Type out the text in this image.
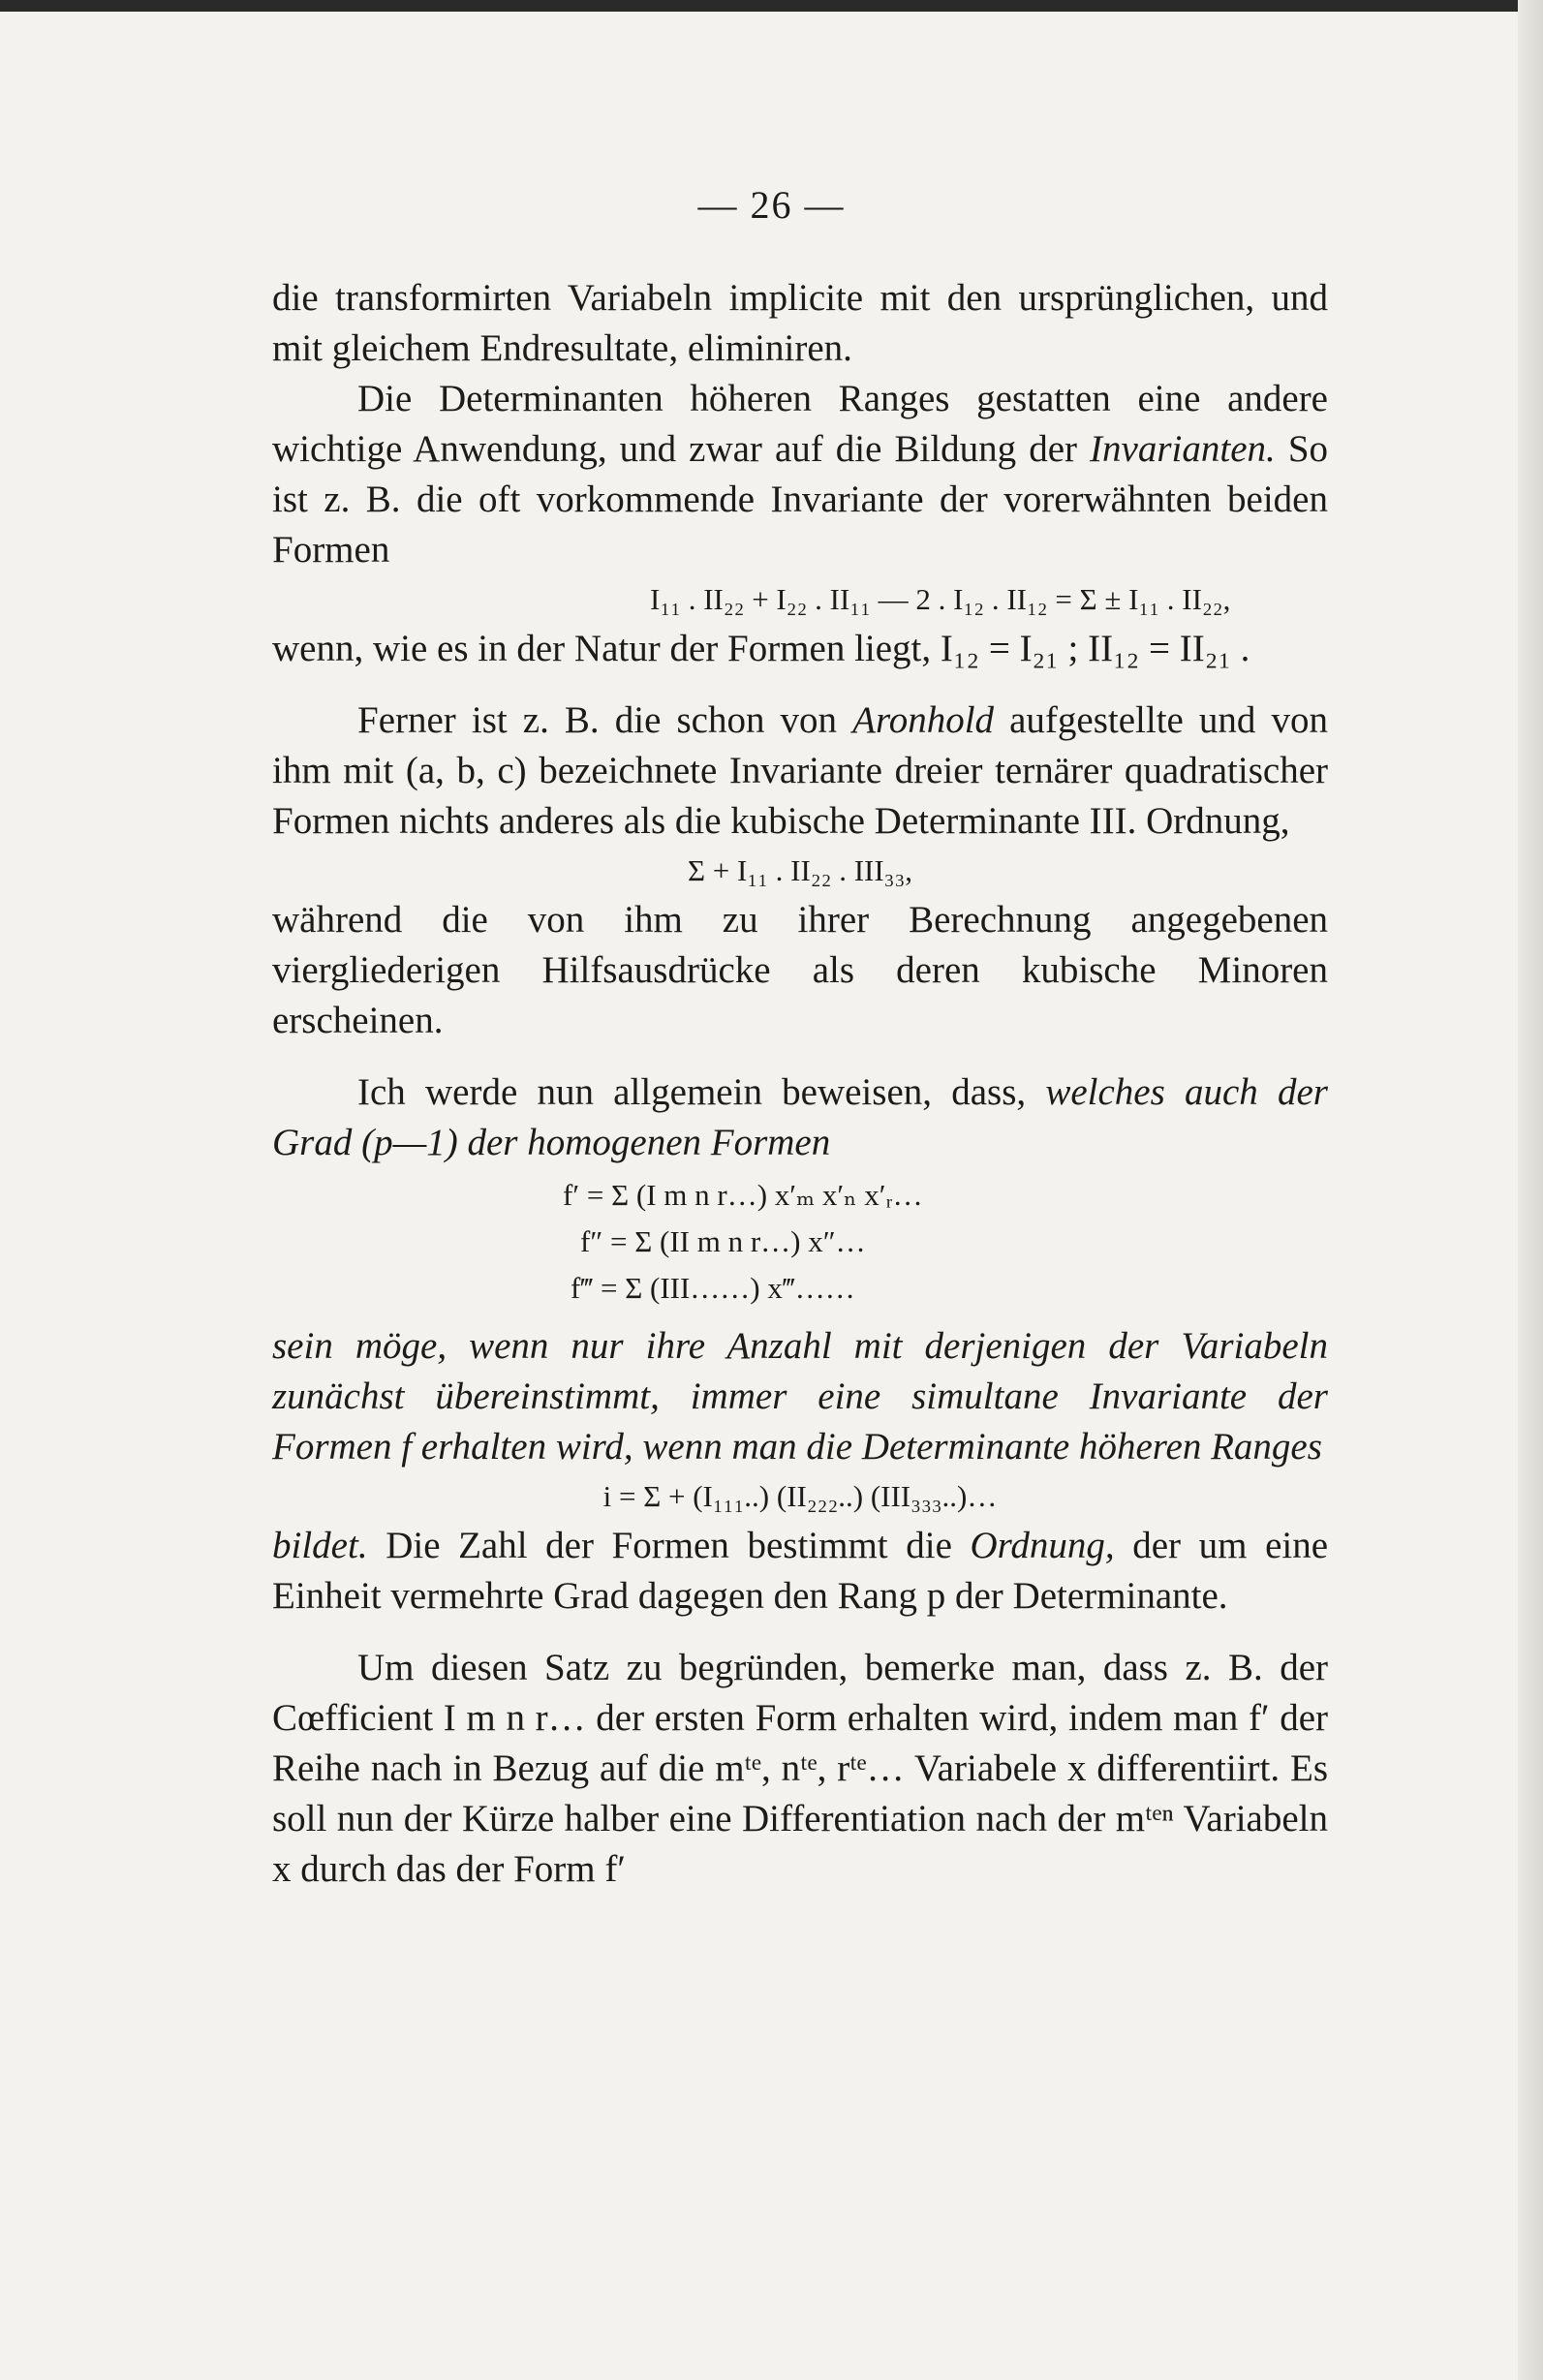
— 26 —

die transformirten Variabeln implicite mit den ursprünglichen, und mit gleichem Endresultate, eliminiren.

Die Determinanten höheren Ranges gestatten eine andere wichtige Anwendung, und zwar auf die Bildung der Invarianten. So ist z. B. die oft vorkommende Invariante der vorerwähnten beiden Formen

I₁₁ . II₂₂ + I₂₂ . II₁₁ — 2 . I₁₂ . II₁₂ = Σ ± I₁₁ . II₂₂,

wenn, wie es in der Natur der Formen liegt, I₁₂ = I₂₁ ; II₁₂ = II₂₁ .

Ferner ist z. B. die schon von Aronhold aufgestellte und von ihm mit (a, b, c) bezeichnete Invariante dreier ternärer quadratischer Formen nichts anderes als die kubische Determinante III. Ordnung,

Σ + I₁₁ . II₂₂ . III₃₃,

während die von ihm zu ihrer Berechnung angegebenen viergliederigen Hilfsausdrücke als deren kubische Minoren erscheinen.

Ich werde nun allgemein beweisen, dass, welches auch der Grad (p—1) der homogenen Formen

f′ = Σ (I m n r…) x′ₘ x′ₙ x′ᵣ…
f″ = Σ (II m n r…) x″…
f‴ = Σ (III……) x‴……

sein möge, wenn nur ihre Anzahl mit derjenigen der Variabeln zunächst übereinstimmt, immer eine simultane Invariante der Formen f erhalten wird, wenn man die Determinante höheren Ranges

i = Σ + (I₁₁₁..) (II₂₂₂..) (III₃₃₃..)…

bildet. Die Zahl der Formen bestimmt die Ordnung, der um eine Einheit vermehrte Grad dagegen den Rang p der Determinante.

Um diesen Satz zu begründen, bemerke man, dass z. B. der Cœfficient I m n r… der ersten Form erhalten wird, indem man f′ der Reihe nach in Bezug auf die mᵗᵉ, nᵗᵉ, rᵗᵉ… Variabele x differentiirt. Es soll nun der Kürze halber eine Differentiation nach der mᵗᵉⁿ Variabeln x durch das der Form f′
